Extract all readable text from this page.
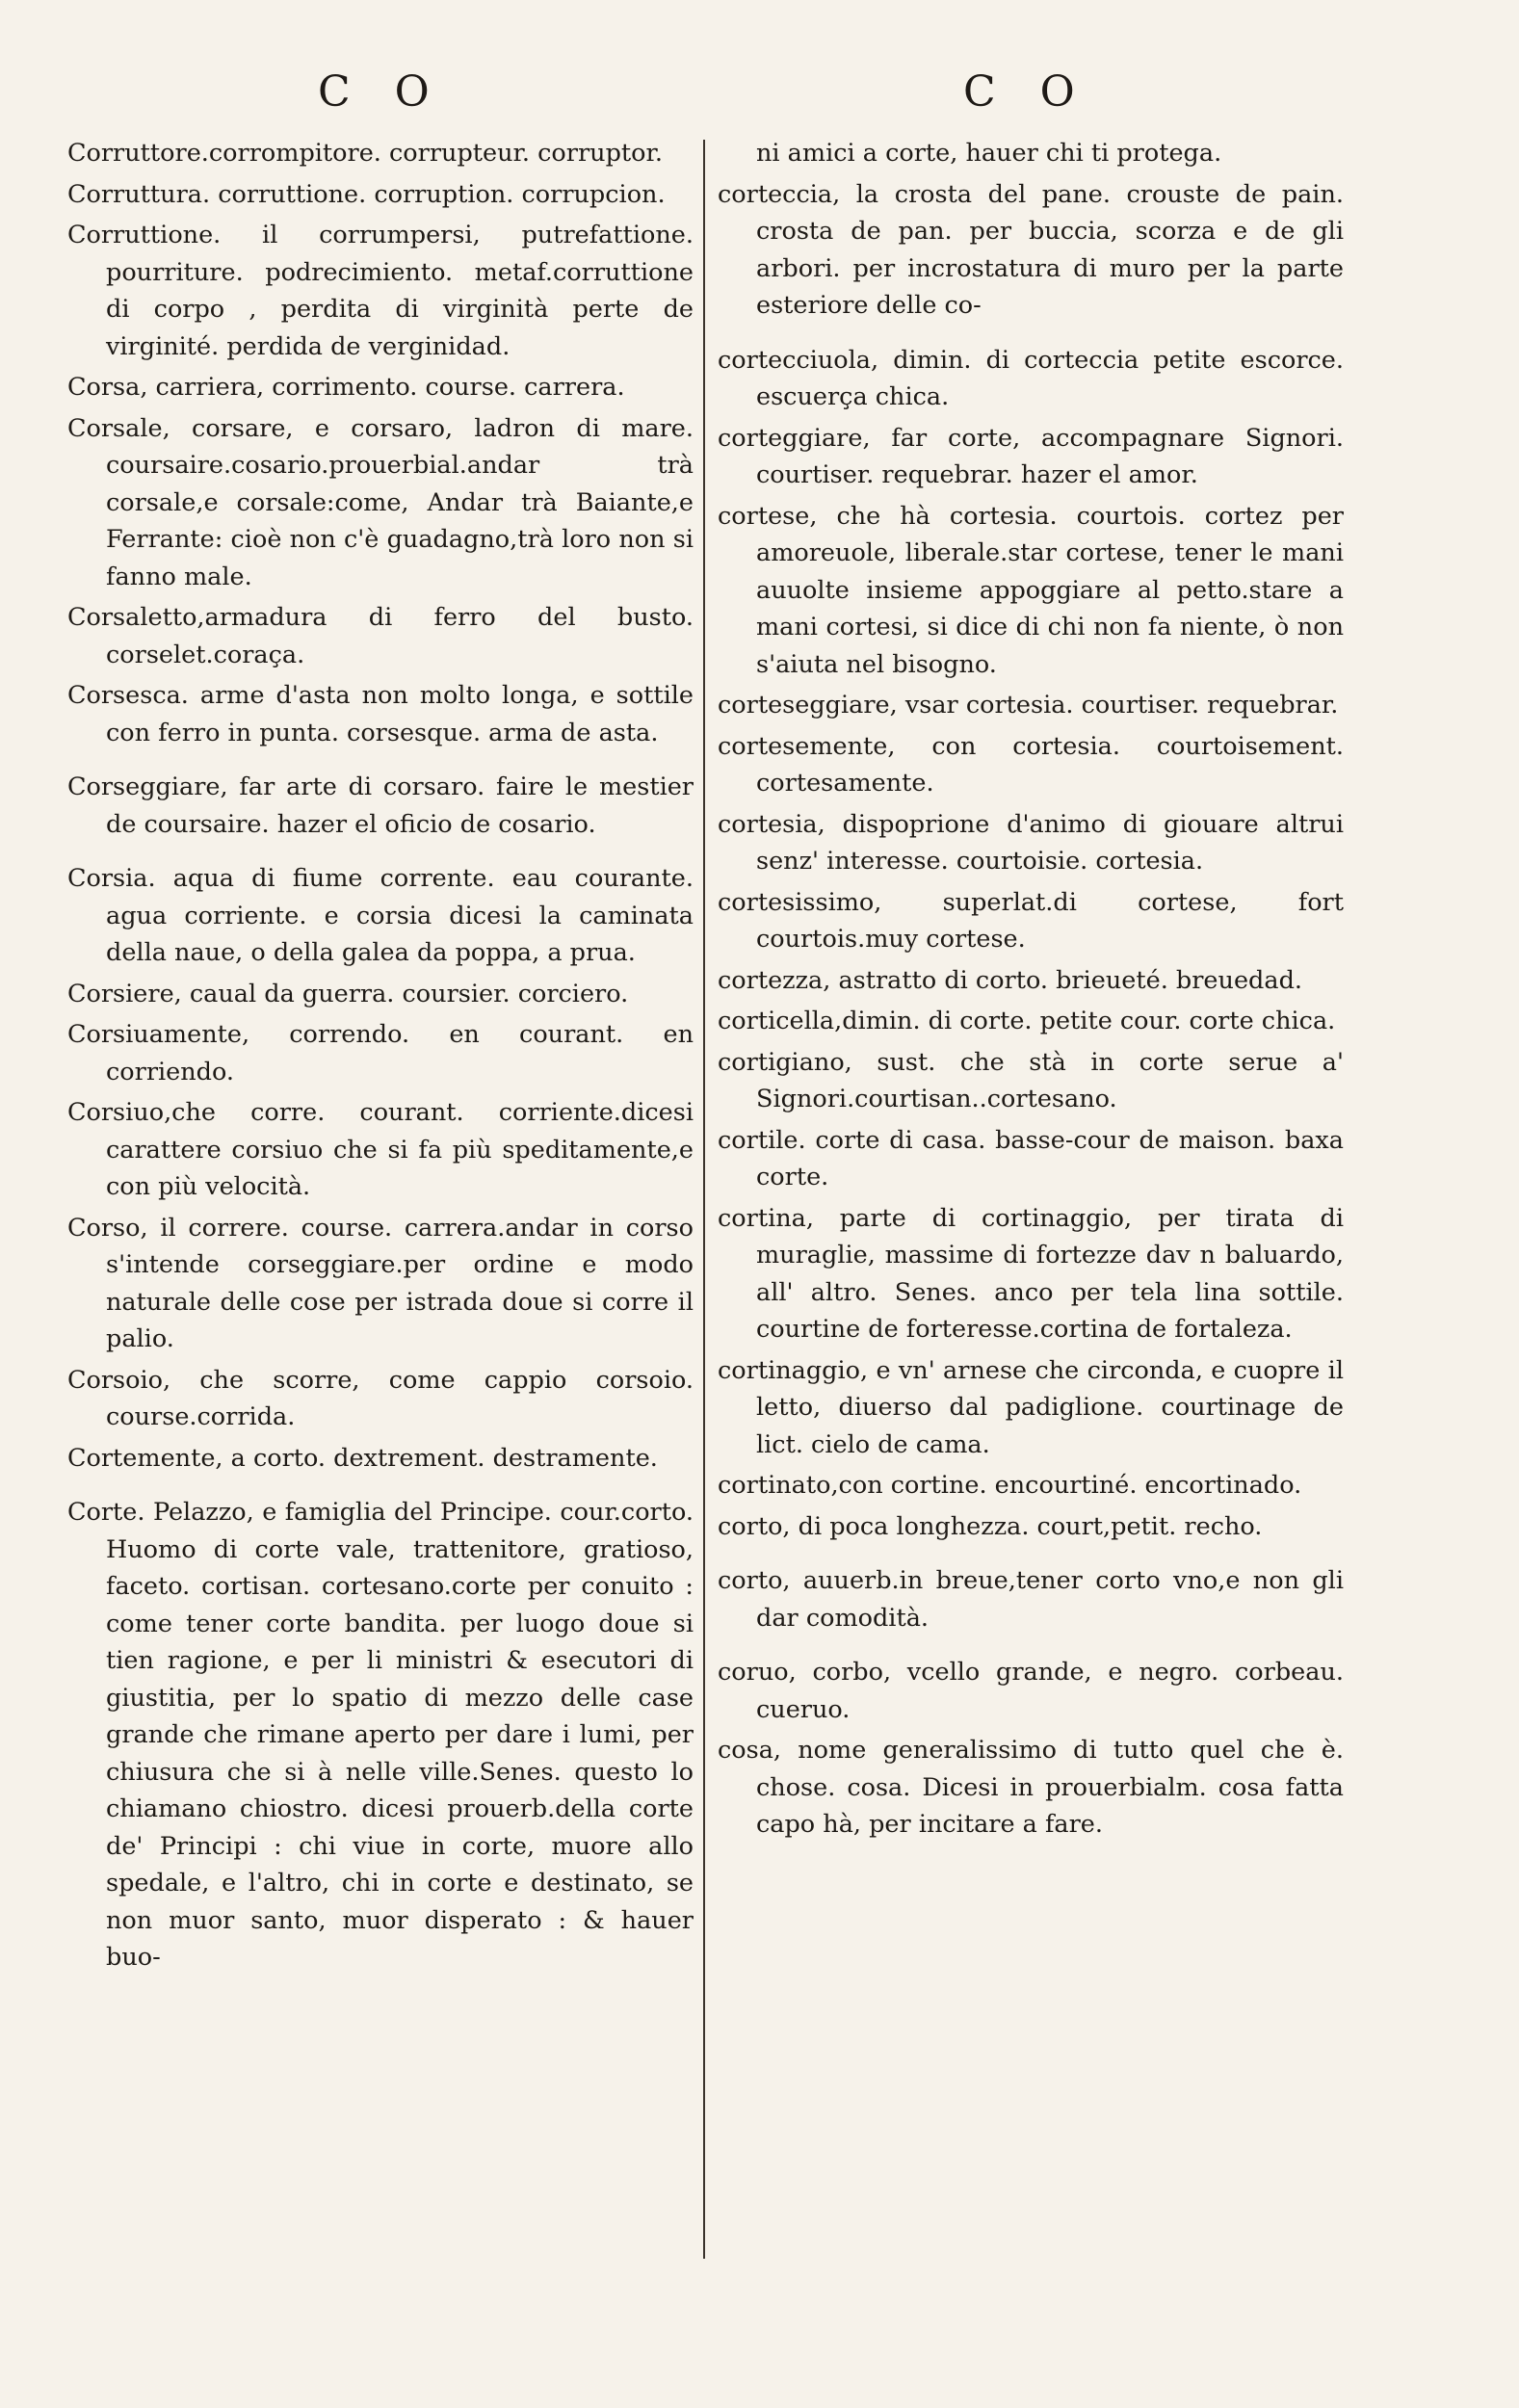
C O	C O

Corruttore.corrompitore. corrupteur. corruptor.

Corruttura. corruttione. corruption. corrupcion.

Corruttione. il corrumpersi, putrefattione. pourriture. podrecimiento. metaf.corruttione di corpo , perdita di virginità perte de virginité. perdida de verginidad.

Corsa, carriera, corrimento. course. carrera.

Corsale, corsare, e corsaro, ladron di mare. coursaire.cosario.prouerbial.andar trà corsale,e corsale:come, Andar trà Baiante,e Ferrante: cioè non c'è guadagno,trà loro non si fanno male.

Corsaletto,armadura di ferro del busto. corselet.coraça.

Corsesca. arme d'asta non molto longa, e sottile con ferro in punta. corsesque. arma de asta.

Corseggiare, far arte di corsaro. faire le mestier de coursaire. hazer el oficio de cosario.

Corsia. aqua di fiume corrente. eau courante. agua corriente. e corsia dicesi la caminata della naue, o della galea da poppa, a prua.

Corsiere, caual da guerra. coursier. corciero.

Corsiuamente, correndo. en courant. en corriendo.

Corsiuo,che corre. courant. corriente.dicesi carattere corsiuo che si fa più speditamente,e con più velocità.

Corso, il correre. course. carrera.andar in corso s'intende corseggiare.per ordine e modo naturale delle cose per istrada doue si corre il palio.

Corsoio, che scorre, come cappio corsoio. course.corrida.

Cortemente, a corto. dextrement. destramente.

Corte. Pelazzo, e famiglia del Principe. cour.corto. Huomo di corte vale, trattenitore, gratioso, faceto. cortisan. cortesano.corte per conuito : come tener corte bandita. per luogo doue si tien ragione, e per li ministri & esecutori di giustitia, per lo spatio di mezzo delle case grande che rimane aperto per dare i lumi, per chiusura che si à nelle ville.Senes. questo lo chiamano chiostro. dicesi prouerb.della corte de' Principi : chi viue in corte, muore allo spedale, e l'altro, chi in corte e destinato, se non muor santo, muor disperato : & hauer buo-

ni amici a corte, hauer chi ti protega.

corteccia, la crosta del pane. crouste de pain. crosta de pan. per buccia, scorza e de gli arbori. per incrostatura di muro per la parte esteriore delle co-

cortecciuola, dimin. di corteccia petite escorce. escuerça chica.

corteggiare, far corte, accompagnare Signori. courtiser. requebrar. hazer el amor.

cortese, che hà cortesia. courtois. cortez per amoreuole, liberale.star cortese, tener le mani auuolte insieme appoggiare al petto.stare a mani cortesi, si dice di chi non fa niente, ò non s'aiuta nel bisogno.

corteseggiare, vsar cortesia. courtiser. requebrar.

cortesemente, con cortesia. courtoisement. cortesamente.

cortesia, dispoprione d'animo di giouare altrui senz' interesse. courtoisie. cortesia.

cortesissimo, superlat.di cortese, fort courtois.muy cortese.

cortezza, astratto di corto. brieueté. breuedad.

corticella,dimin. di corte. petite cour. corte chica.

cortigiano, sust. che stà in corte serue a' Signori.courtisan..cortesano.

cortile. corte di casa. basse-cour de maison. baxa corte.

cortina, parte di cortinaggio, per tirata di muraglie, massime di fortezze dav n baluardo, all' altro. Senes. anco per tela lina sottile. courtine de forteresse.cortina de fortaleza.

cortinaggio, e vn' arnese che circonda, e cuopre il letto, diuerso dal padiglione. courtinage de lict. cielo de cama.

cortinato,con cortine. encourtiné. encortinado.

corto, di poca longhezza. court,petit. recho.

corto, auuerb.in breue,tener corto vno,e non gli dar comodità.

coruo, corbo, vcello grande, e negro. corbeau. cueruo.

cosa, nome generalissimo di tutto quel che è. chose. cosa. Dicesi in prouerbialm. cosa fatta capo hà, per incitare a fare.
